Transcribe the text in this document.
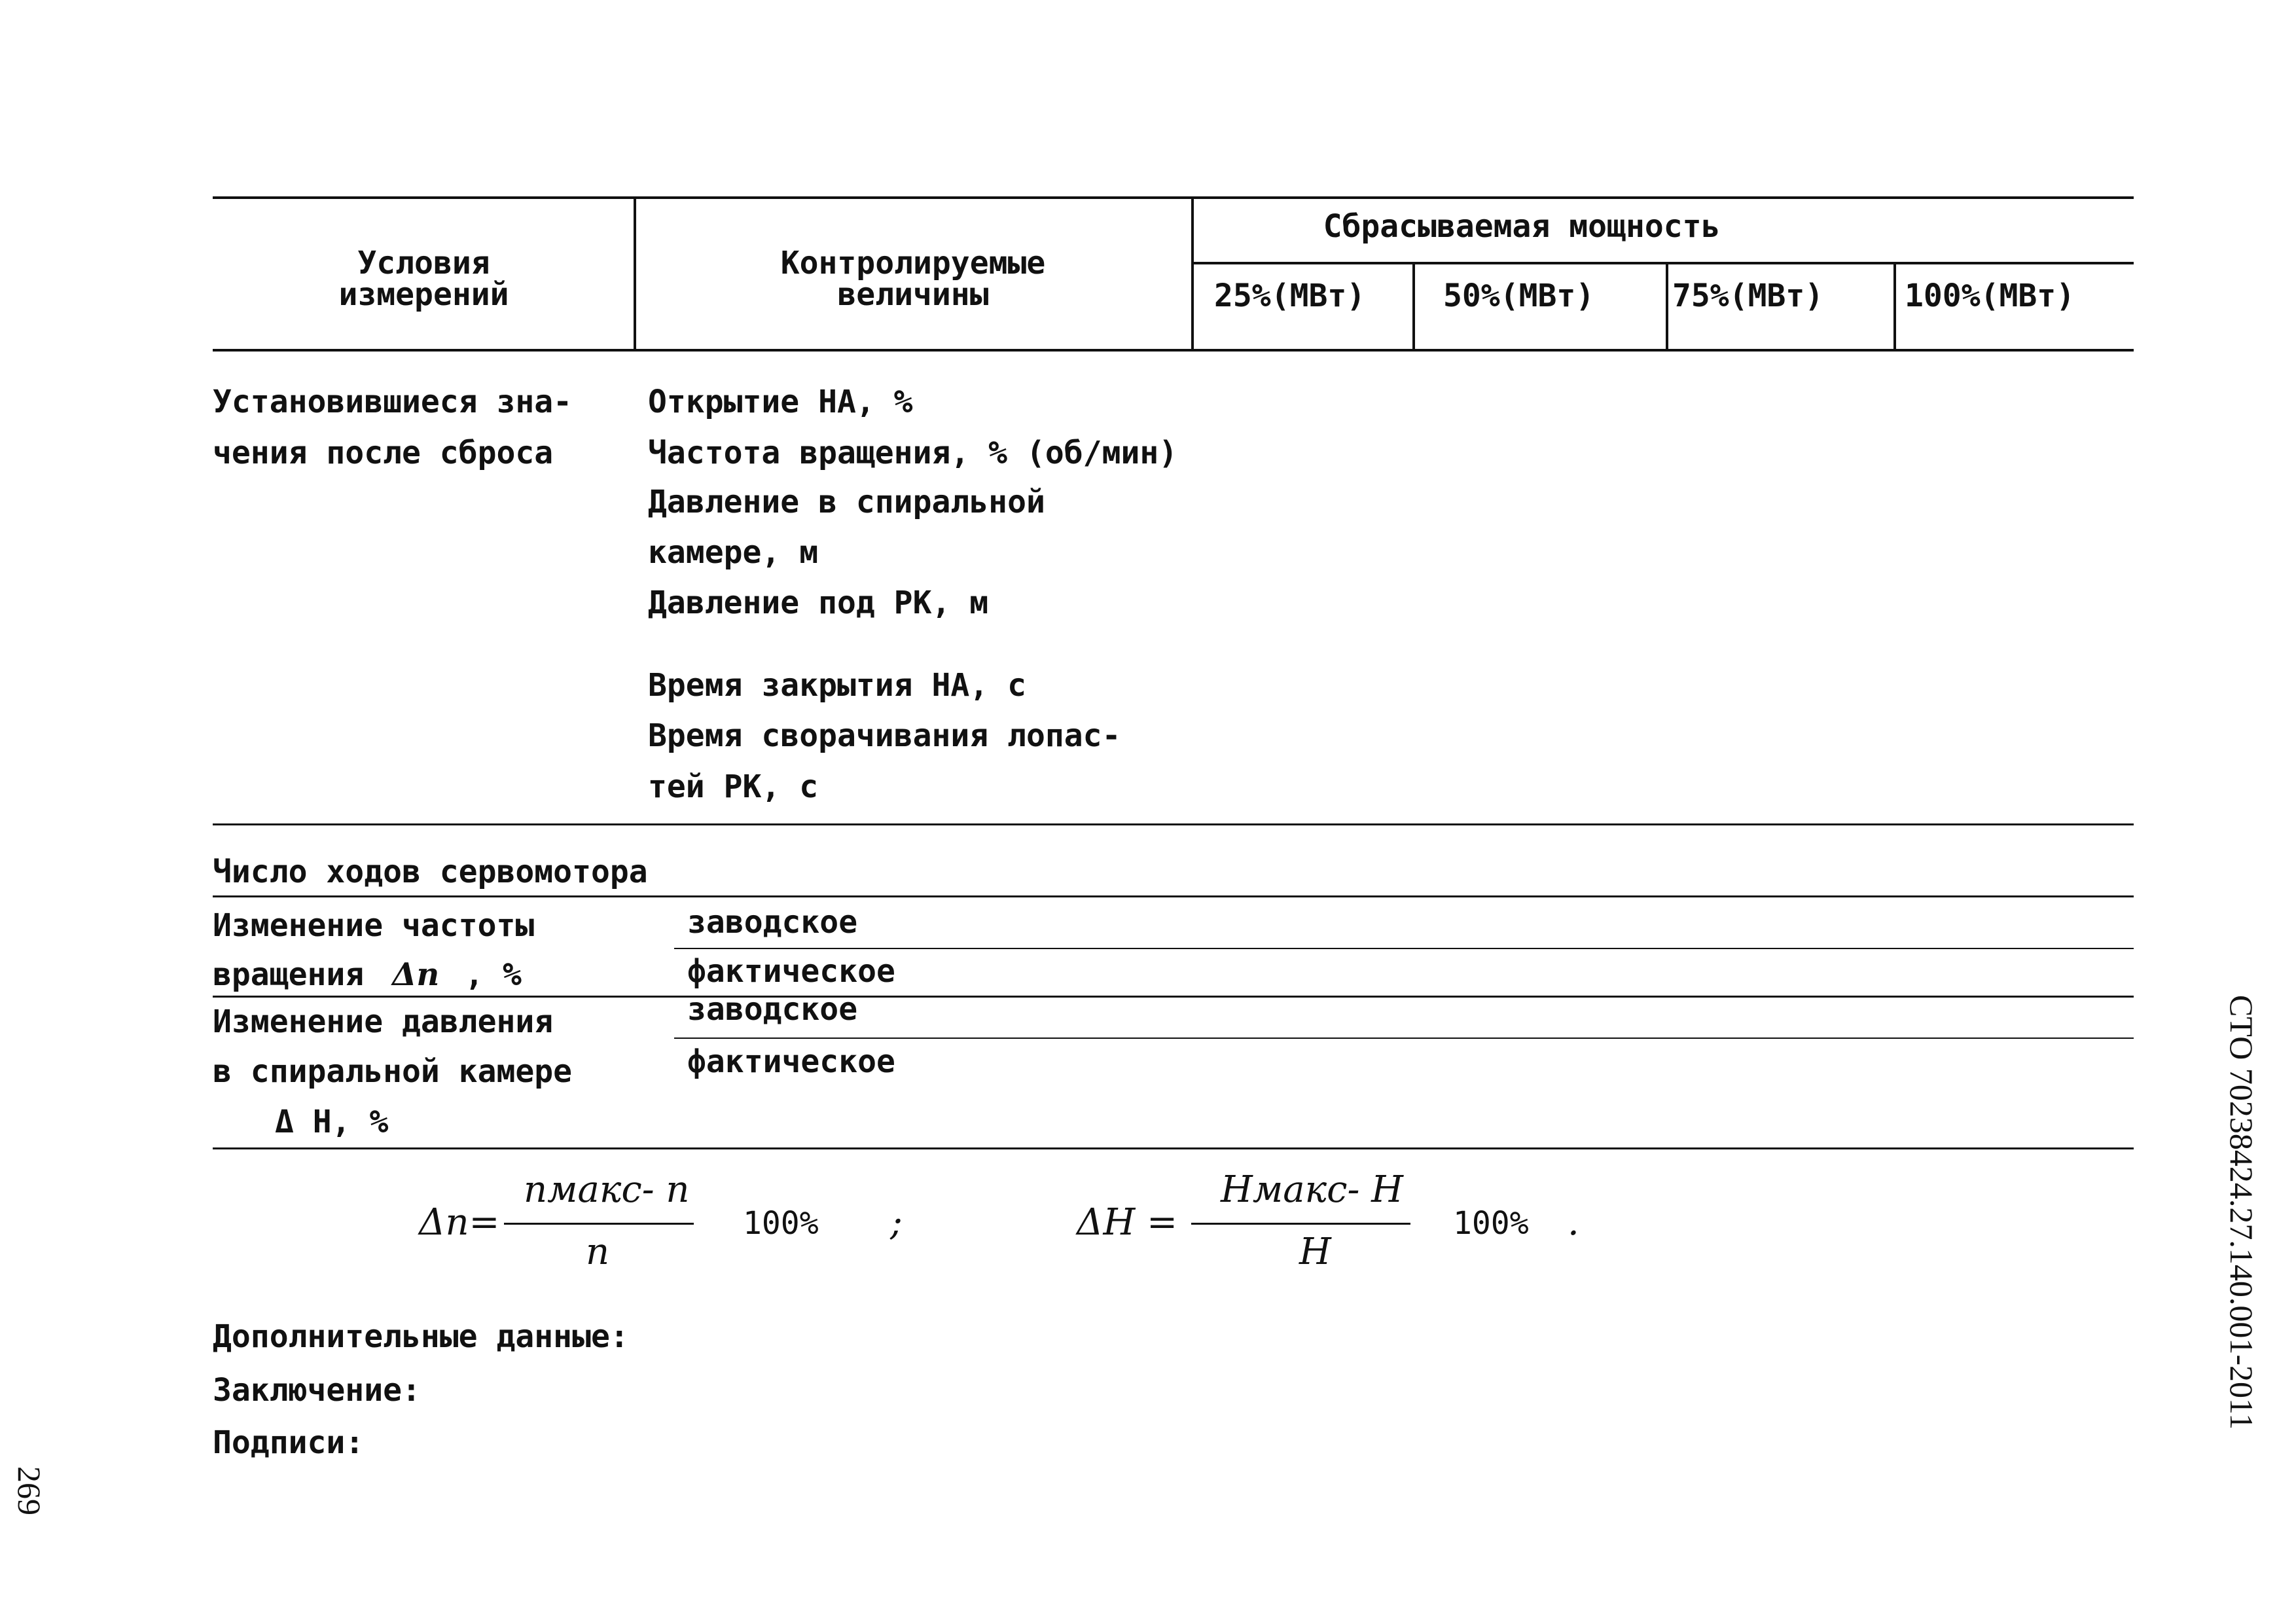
Условия
измерений
Контролируемые
величины
Сбрасываемая мощность
25%(МВт) 50%(МВт) 75%(МВт)	100%(МВт)
Установившиеся зна-
чения после сброса
Открытие НА, %
Частота вращения, % (об/мин)
Давление в спиральной
камере, м
Давление под РК, м
Время закрытия НА, с
Время сворачивания лопас-
тей РК, с
Число ходов сервомотора
Изменение частоты
вращения Δn , %
заводское
фактическое
Изменение давления
в спиральной камере
Δ Н, %
заводское
фактическое
Δn=
nмакс- n
n
100% ;	ΔН =
Нмакс- Н
Н
100% .
Дополнительные данные:
Заключение:
Подписи:
269
СТО 70238424.27.140.001-2011
